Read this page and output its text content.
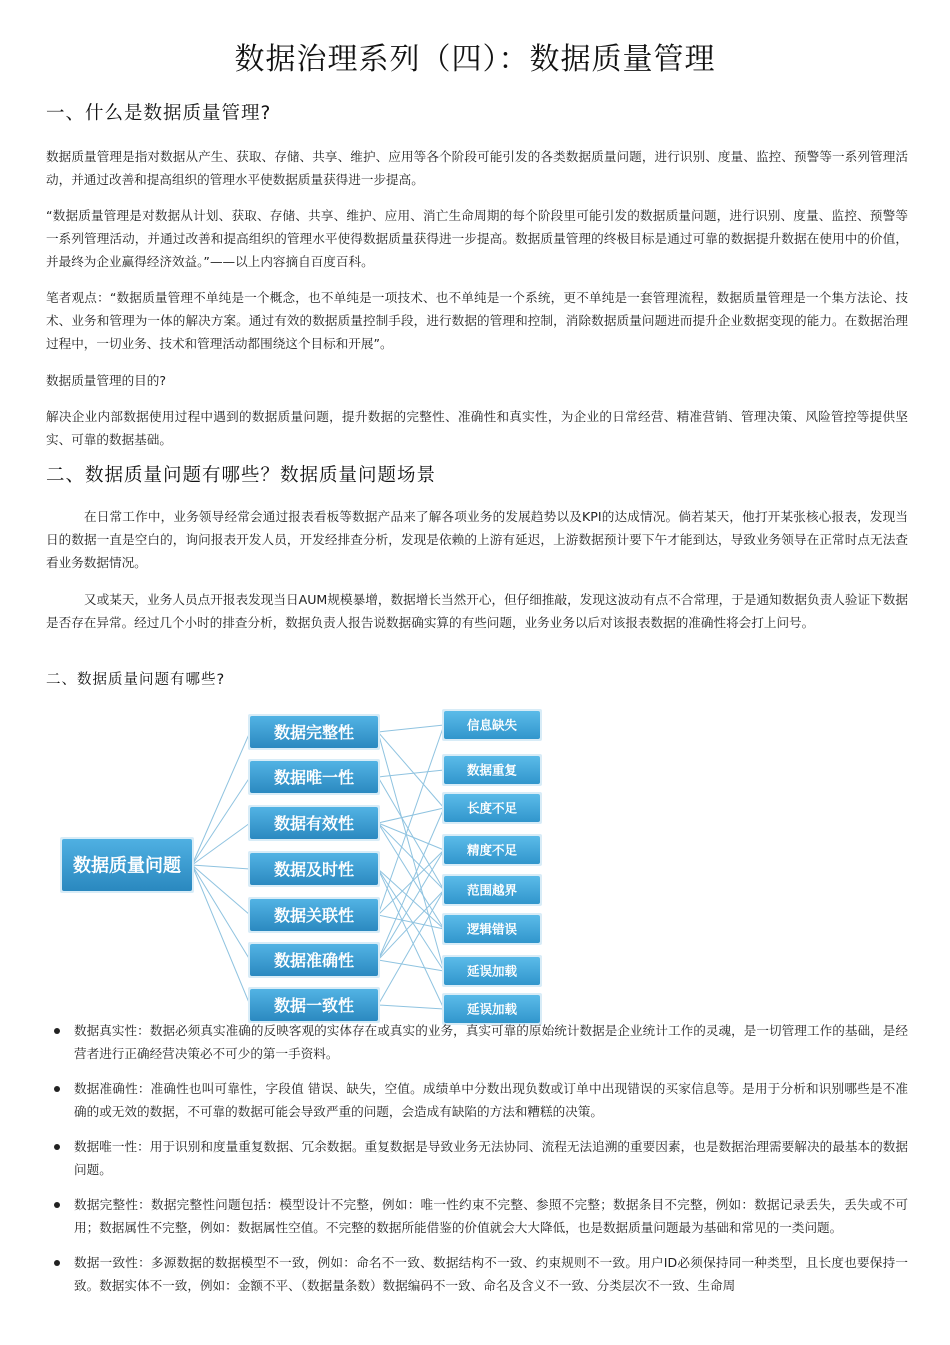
数据治理系列（四）：数据质量管理
一、什么是数据质量管理?

数据质量管理是指对数据从产生、获取、存储、共享、维护、应用等各个阶段可能引发的各类数据质量问题，进行识别、度量、监控、预警等一系列管理活动，并通过改善和提高组织的管理水平使数据质量获得进一步提高。

“数据质量管理是对数据从计划、获取、存储、共享、维护、应用、消亡生命周期的每个阶段里可能引发的数据质量问题，进行识别、度量、监控、预警等一系列管理活动，并通过改善和提高组织的管理水平使得数据质量获得进一步提高。数据质量管理的终极目标是通过可靠的数据提升数据在使用中的价值，并最终为企业赢得经济效益。”——以上内容摘自百度百科。

笔者观点：“数据质量管理不单纯是一个概念，也不单纯是一项技术、也不单纯是一个系统，更不单纯是一套管理流程，数据质量管理是一个集方法论、技术、业务和管理为一体的解决方案。通过有效的数据质量控制手段，进行数据的管理和控制，消除数据质量问题进而提升企业数据变现的能力。在数据治理过程中，一切业务、技术和管理活动都围绕这个目标和开展”。

数据质量管理的目的?

解决企业内部数据使用过程中遇到的数据质量问题，提升数据的完整性、准确性和真实性，为企业的日常经营、精准营销、管理决策、风险管控等提供坚实、可靠的数据基础。

二、数据质量问题有哪些？数据质量问题场景

在日常工作中，业务领导经常会通过报表看板等数据产品来了解各项业务的发展趋势以及KPI的达成情况。倘若某天，他打开某张核心报表，发现当日的数据一直是空白的，询问报表开发人员，开发经排查分析，发现是依赖的上游有延迟，上游数据预计要下午才能到达，导致业务领导在正常时点无法查看业务数据情况。

又或某天，业务人员点开报表发现当日AUM规模暴增，数据增长当然开心，但仔细推敲，发现这波动有点不合常理，于是通知数据负责人验证下数据是否存在异常。经过几个小时的排查分析，数据负责人报告说数据确实算的有些问题，业务业务以后对该报表数据的准确性将会打上问号。

二、数据质量问题有哪些?
数据质量问题
数据完整性
数据唯一性
数据有效性
数据及时性
数据关联性
数据准确性
数据一致性
信息缺失
数据重复
长度不足
精度不足
范围越界
逻辑错误
延误加载
延误加载
数据真实性：数据必须真实准确的反映客观的实体存在或真实的业务，真实可靠的原始统计数据是企业统计工作的灵魂，是一切管理工作的基础，是经营者进行正确经营决策必不可少的第一手资料。
数据准确性：准确性也叫可靠性，字段值 错误、缺失，空值。成绩单中分数出现负数或订单中出现错误的买家信息等。是用于分析和识别哪些是不准确的或无效的数据，不可靠的数据可能会导致严重的问题，会造成有缺陷的方法和糟糕的决策。
数据唯一性：用于识别和度量重复数据、冗余数据。重复数据是导致业务无法协同、流程无法追溯的重要因素，也是数据治理需要解决的最基本的数据问题。
数据完整性：数据完整性问题包括：模型设计不完整，例如：唯一性约束不完整、参照不完整；数据条目不完整，例如：数据记录丢失，丢失或不可用；数据属性不完整，例如：数据属性空值。不完整的数据所能借鉴的价值就会大大降低，也是数据质量问题最为基础和常见的一类问题。
数据一致性：多源数据的数据模型不一致，例如：命名不一致、数据结构不一致、约束规则不一致。用户ID必须保持同一种类型，且长度也要保持一致。数据实体不一致，例如：金额不平、（数据量条数）数据编码不一致、命名及含义不一致、分类层次不一致、生命周
